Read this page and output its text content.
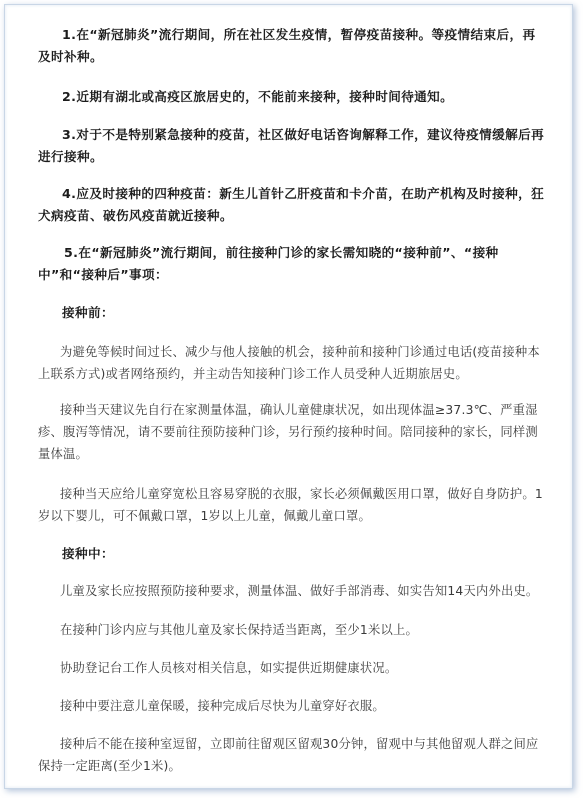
1.在“新冠肺炎”流行期间，所在社区发生疫情，暂停疫苗接种。等疫情结束后，再及时补种。

2.近期有湖北或高疫区旅居史的，不能前来接种，接种时间待通知。

3.对于不是特别紧急接种的疫苗，社区做好电话咨询解释工作，建议待疫情缓解后再进行接种。

4.应及时接种的四种疫苗：新生儿首针乙肝疫苗和卡介苗，在助产机构及时接种，狂犬病疫苗、破伤风疫苗就近接种。

5.在“新冠肺炎”流行期间，前往接种门诊的家长需知晓的“接种前”、“接种中”和“接种后”事项：

接种前：

为避免等候时间过长、减少与他人接触的机会，接种前和接种门诊通过电话(疫苗接种本上联系方式)或者网络预约，并主动告知接种门诊工作人员受种人近期旅居史。

接种当天建议先自行在家测量体温，确认儿童健康状况，如出现体温≥37.3℃、严重湿疹、腹泻等情况，请不要前往预防接种门诊，另行预约接种时间。陪同接种的家长，同样测量体温。

接种当天应给儿童穿宽松且容易穿脱的衣服，家长必须佩戴医用口罩，做好自身防护。1岁以下婴儿，可不佩戴口罩，1岁以上儿童，佩戴儿童口罩。

接种中：

儿童及家长应按照预防接种要求，测量体温、做好手部消毒、如实告知14天内外出史。

在接种门诊内应与其他儿童及家长保持适当距离，至少1米以上。

协助登记台工作人员核对相关信息，如实提供近期健康状况。

接种中要注意儿童保暖，接种完成后尽快为儿童穿好衣服。

接种后不能在接种室逗留，立即前往留观区留观30分钟，留观中与其他留观人群之间应保持一定距离(至少1米)。
